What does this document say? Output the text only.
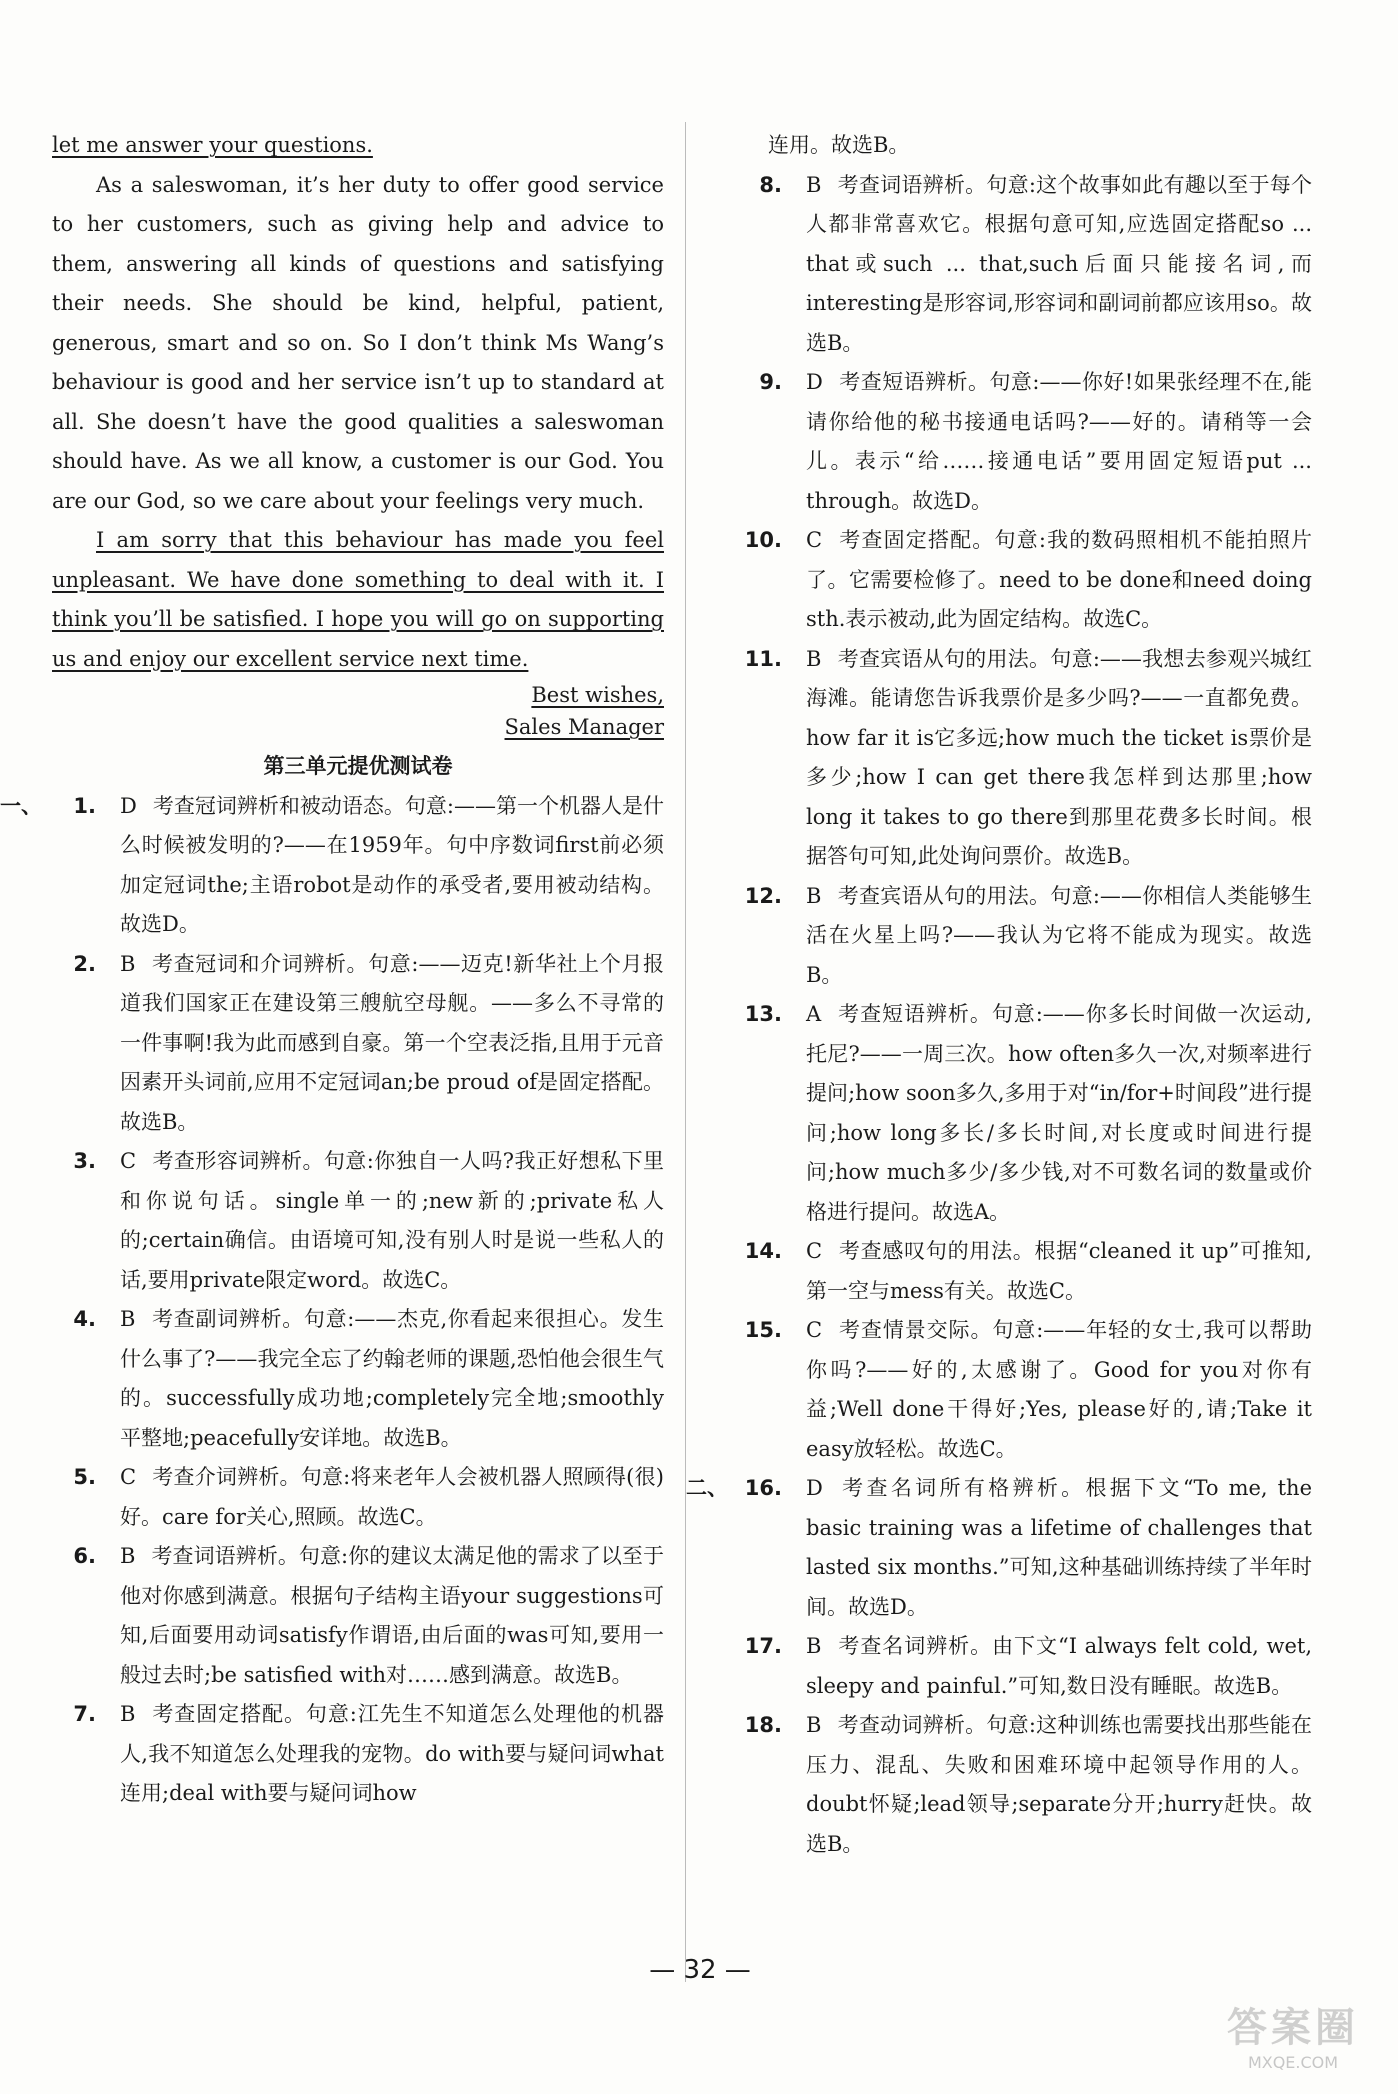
let me answer your questions.

As a saleswoman, it’s her duty to offer good service to her customers, such as giving help and advice to them, answering all kinds of questions and satisfying their needs. She should be kind, helpful, patient, generous, smart and so on. So I don’t think Ms Wang’s behaviour is good and her service isn’t up to standard at all. She doesn’t have the good qualities a saleswoman should have. As we all know, a customer is our God. You are our God, so we care about your feelings very much.

I am sorry that this behaviour has made you feel unpleasant. We have done something to deal with it. I think you’ll be satisfied. I hope you will go on supporting us and enjoy our excellent service next time.

Best wishes,

Sales Manager

第三单元提优测试卷

一、	1. D 考查冠词辨析和被动语态。句意:——第一个机器人是什么时候被发明的?——在1959年。句中序数词first前必须加定冠词the;主语robot是动作的承受者,要用被动结构。故选D。

2. B 考查冠词和介词辨析。句意:——迈克!新华社上个月报道我们国家正在建设第三艘航空母舰。——多么不寻常的一件事啊!我为此而感到自豪。第一个空表泛指,且用于元音因素开头词前,应用不定冠词an;be proud of是固定搭配。故选B。

3. C 考查形容词辨析。句意:你独自一人吗?我正好想私下里和你说句话。single单一的;new新的;private私人的;certain确信。由语境可知,没有别人时是说一些私人的话,要用private限定word。故选C。

4. B 考查副词辨析。句意:——杰克,你看起来很担心。发生什么事了?——我完全忘了约翰老师的课题,恐怕他会很生气的。successfully成功地;completely完全地;smoothly平整地;peacefully安详地。故选B。

5. C 考查介词辨析。句意:将来老年人会被机器人照顾得(很)好。care for关心,照顾。故选C。

6. B 考查词语辨析。句意:你的建议太满足他的需求了以至于他对你感到满意。根据句子结构主语your suggestions可知,后面要用动词satisfy作谓语,由后面的was可知,要用一般过去时;be satisfied with对……感到满意。故选B。

7. B 考查固定搭配。句意:江先生不知道怎么处理他的机器人,我不知道怎么处理我的宠物。do with要与疑问词what连用;deal with要与疑问词how

连用。故选B。

8. B 考查词语辨析。句意:这个故事如此有趣以至于每个人都非常喜欢它。根据句意可知,应选固定搭配so ... that或such ... that,such后面只能接名词,而interesting是形容词,形容词和副词前都应该用so。故选B。

9. D 考查短语辨析。句意:——你好!如果张经理不在,能请你给他的秘书接通电话吗?——好的。请稍等一会儿。表示“给……接通电话”要用固定短语put ... through。故选D。

10. C 考查固定搭配。句意:我的数码照相机不能拍照片了。它需要检修了。need to be done和need doing sth.表示被动,此为固定结构。故选C。

11. B 考查宾语从句的用法。句意:——我想去参观兴城红海滩。能请您告诉我票价是多少吗?——一直都免费。how far it is它多远;how much the ticket is票价是多少;how I can get there我怎样到达那里;how long it takes to go there到那里花费多长时间。根据答句可知,此处询问票价。故选B。

12. B 考查宾语从句的用法。句意:——你相信人类能够生活在火星上吗?——我认为它将不能成为现实。故选B。

13. A 考查短语辨析。句意:——你多长时间做一次运动,托尼?——一周三次。how often多久一次,对频率进行提问;how soon多久,多用于对“in/for+时间段”进行提问;how long多长/多长时间,对长度或时间进行提问;how much多少/多少钱,对不可数名词的数量或价格进行提问。故选A。

14. C 考查感叹句的用法。根据“cleaned it up”可推知,第一空与mess有关。故选C。

15. C 考查情景交际。句意:——年轻的女士,我可以帮助你吗?——好的,太感谢了。Good for you对你有益;Well done干得好;Yes, please好的,请;Take it easy放轻松。故选C。

二、 16. D 考查名词所有格辨析。根据下文“To me, the basic training was a lifetime of challenges that lasted six months.”可知,这种基础训练持续了半年时间。故选D。

17. B 考查名词辨析。由下文“I always felt cold, wet, sleepy and painful.”可知,数日没有睡眠。故选B。

18. B 考查动词辨析。句意:这种训练也需要找出那些能在压力、混乱、失败和困难环境中起领导作用的人。doubt怀疑;lead领导;separate分开;hurry赶快。故选B。

— 32 —
答案圈
MXQE.COM
